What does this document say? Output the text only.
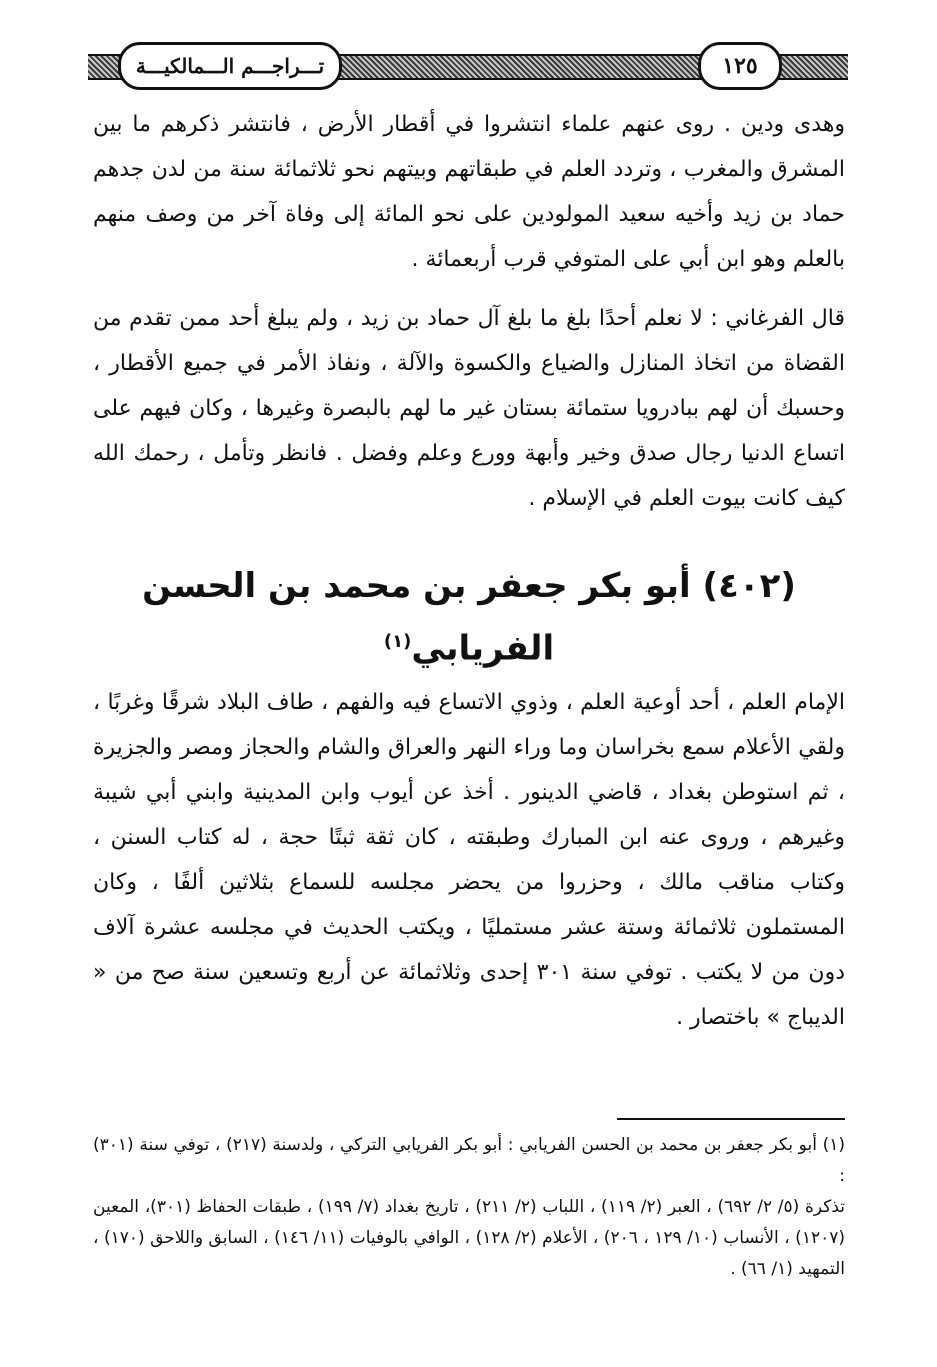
١٢٥
تـــراجـــم الـــمالكيـــة

وهدى ودين . روى عنهم علماء انتشروا في أقطار الأرض ، فانتشر ذكرهم ما بين المشرق والمغرب ، وتردد العلم في طبقاتهم وبيتهم نحو ثلاثمائة سنة من لدن جدهم حماد بن زيد وأخيه سعيد المولودين على نحو المائة إلى وفاة آخر من وصف منهم بالعلم وهو ابن أبي على المتوفي قرب أربعمائة .

قال الفرغاني : لا نعلم أحدًا بلغ ما بلغ آل حماد بن زيد ، ولم يبلغ أحد ممن تقدم من القضاة من اتخاذ المنازل والضياع والكسوة والآلة ، ونفاذ الأمر في جميع الأقطار ، وحسبك أن لهم ببادرويا ستمائة بستان غير ما لهم بالبصرة وغيرها ، وكان فيهم على اتساع الدنيا رجال صدق وخير وأبهة وورع وعلم وفضل . فانظر وتأمل ، رحمك الله كيف كانت بيوت العلم في الإسلام .

(٤٠٢) أبو بكر جعفر بن محمد بن الحسن
الفريابي$^{(١)}$

الإمام العلم ، أحد أوعية العلم ، وذوي الاتساع فيه والفهم ، طاف البلاد شرقًا وغربًا ، ولقي الأعلام سمع بخراسان وما وراء النهر والعراق والشام والحجاز ومصر والجزيرة ، ثم استوطن بغداد ، قاضي الدينور . أخذ عن أيوب وابن المدينية وابني أبي شيبة وغيرهم ، وروى عنه ابن المبارك وطبقته ، كان ثقة ثبتًا حجة ، له كتاب السنن ، وكتاب مناقب مالك ، وحزروا من يحضر مجلسه للسماع بثلاثين ألفًا ، وكان المستملون ثلاثمائة وستة عشر مستمليًا ، ويكتب الحديث في مجلسه عشرة آلاف دون من لا يكتب . توفي سنة ٣٠١ إحدى وثلاثمائة عن أربع وتسعين سنة صح من « الديباج » باختصار .

(١) أبو بكر جعفر بن محمد بن الحسن الفريابي : أبو بكر الفريابي التركي ، ولدسنة (٢١٧) ، توفي سنة (٣٠١) :

تذكرة (٥/ ٢/ ٦٩٢) ، العبر (٢/ ١١٩) ، اللباب (٢/ ٢١١) ، تاريخ بغداد (٧/ ١٩٩) ، طبقات الحفاظ (٣٠١)، المعين (١٢٠٧) ، الأنساب (١٠/ ١٢٩ ، ٢٠٦) ، الأعلام (٢/ ١٢٨) ، الوافي بالوفيات (١١/ ١٤٦) ، السابق واللاحق (١٧٠) ، التمهيد (١/ ٦٦) .
